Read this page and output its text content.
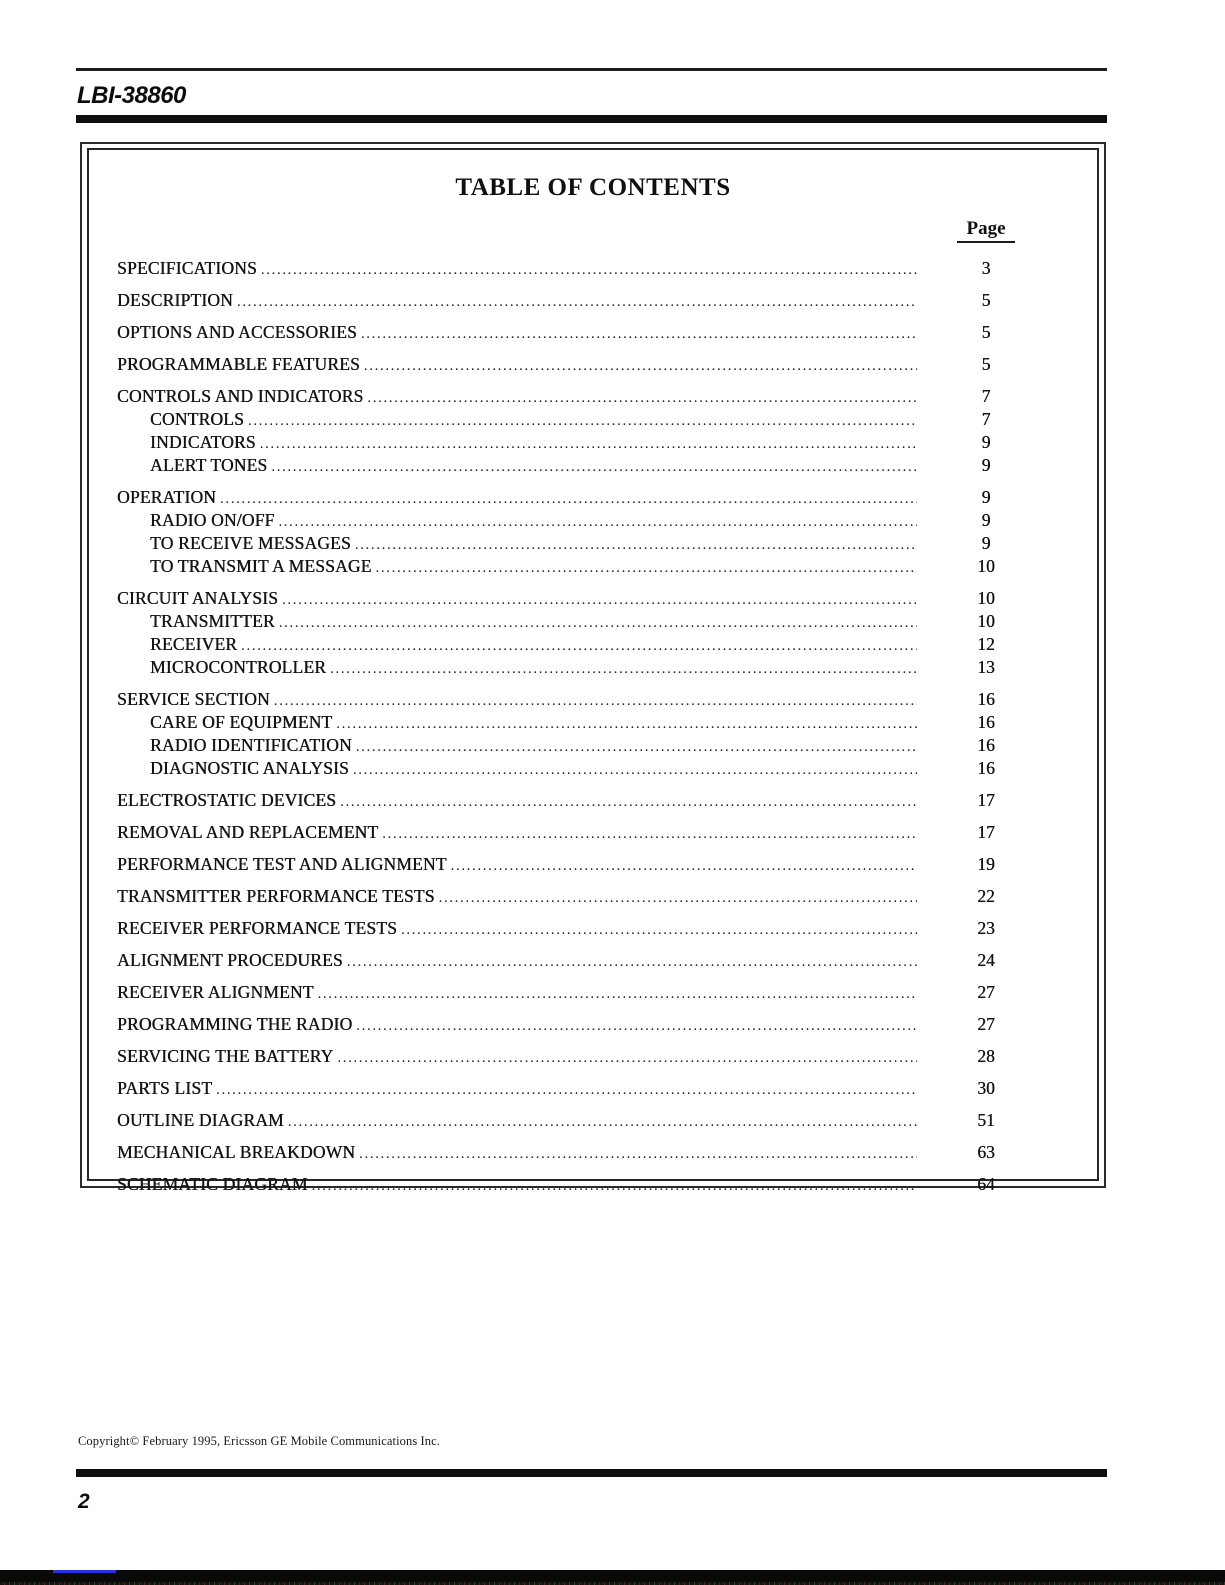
LBI-38860
TABLE OF CONTENTS
Page
SPECIFICATIONS .....	3
DESCRIPTION .....	5
OPTIONS AND ACCESSORIES .....	5
PROGRAMMABLE FEATURES .....	5
CONTROLS AND INDICATORS .....	7
CONTROLS .....	7
INDICATORS .....	9
ALERT TONES .....	9
OPERATION .....	9
RADIO ON/OFF .....	9
TO RECEIVE MESSAGES .....	9
TO TRANSMIT A MESSAGE .....	10
CIRCUIT ANALYSIS .....	10
TRANSMITTER .....	10
RECEIVER .....	12
MICROCONTROLLER .....	13
SERVICE SECTION .....	16
CARE OF EQUIPMENT .....	16
RADIO IDENTIFICATION .....	16
DIAGNOSTIC ANALYSIS .....	16
ELECTROSTATIC DEVICES .....	17
REMOVAL AND REPLACEMENT .....	17
PERFORMANCE TEST AND ALIGNMENT .....	19
TRANSMITTER PERFORMANCE TESTS .....	22
RECEIVER PERFORMANCE TESTS .....	23
ALIGNMENT PROCEDURES .....	24
RECEIVER ALIGNMENT .....	27
PROGRAMMING THE RADIO .....	27
SERVICING THE BATTERY .....	28
PARTS LIST .....	30
OUTLINE DIAGRAM .....	51
MECHANICAL BREAKDOWN .....	63
SCHEMATIC DIAGRAM .....	64
Copyright© February 1995, Ericsson GE Mobile Communications Inc.
2
